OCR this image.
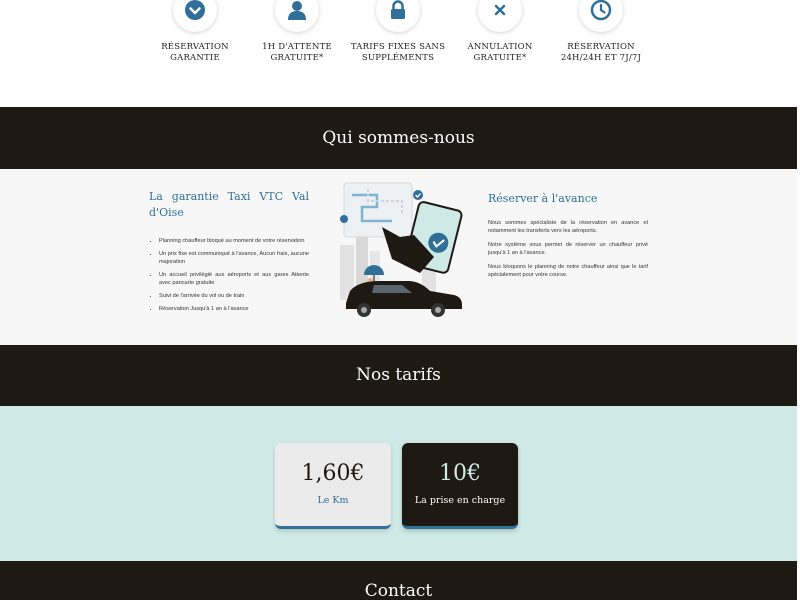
RÉSERVATION GARANTIE
1H D'ATTENTE GRATUITE*
TARIFS FIXES SANS SUPPLÉMENTS
ANNULATION GRATUITE*
RÉSERVATION 24H/24H ET 7J/7J
Qui sommes-nous
La garantie Taxi VTC Val d'Oise
• Planning chauffeur bloqué au moment de votre réservation
• Un prix fixe est communiqué à l'avance, Aucun frais, aucune majoration
• Un accueil privilégié aux aéroports et aux gares Attente avec pancarte gratuite
• Suivi de l'arrivée du vol ou de train
• Réservation Jusqu'à 1 an à l'avance
Réserver à l'avance

Nous sommes spécialiste de la réservation en avance et notamment les transferts vers les aéroports.

Notre système vous permet de réserver un chauffeur privé jusqu'à 1 an à l'avance.

Nous bloquons le planning de notre chauffeur ainsi que le tarif spécialement pour votre course.

Nos tarifs
1,60€
Le Km
10€
La prise en charge
Contact
